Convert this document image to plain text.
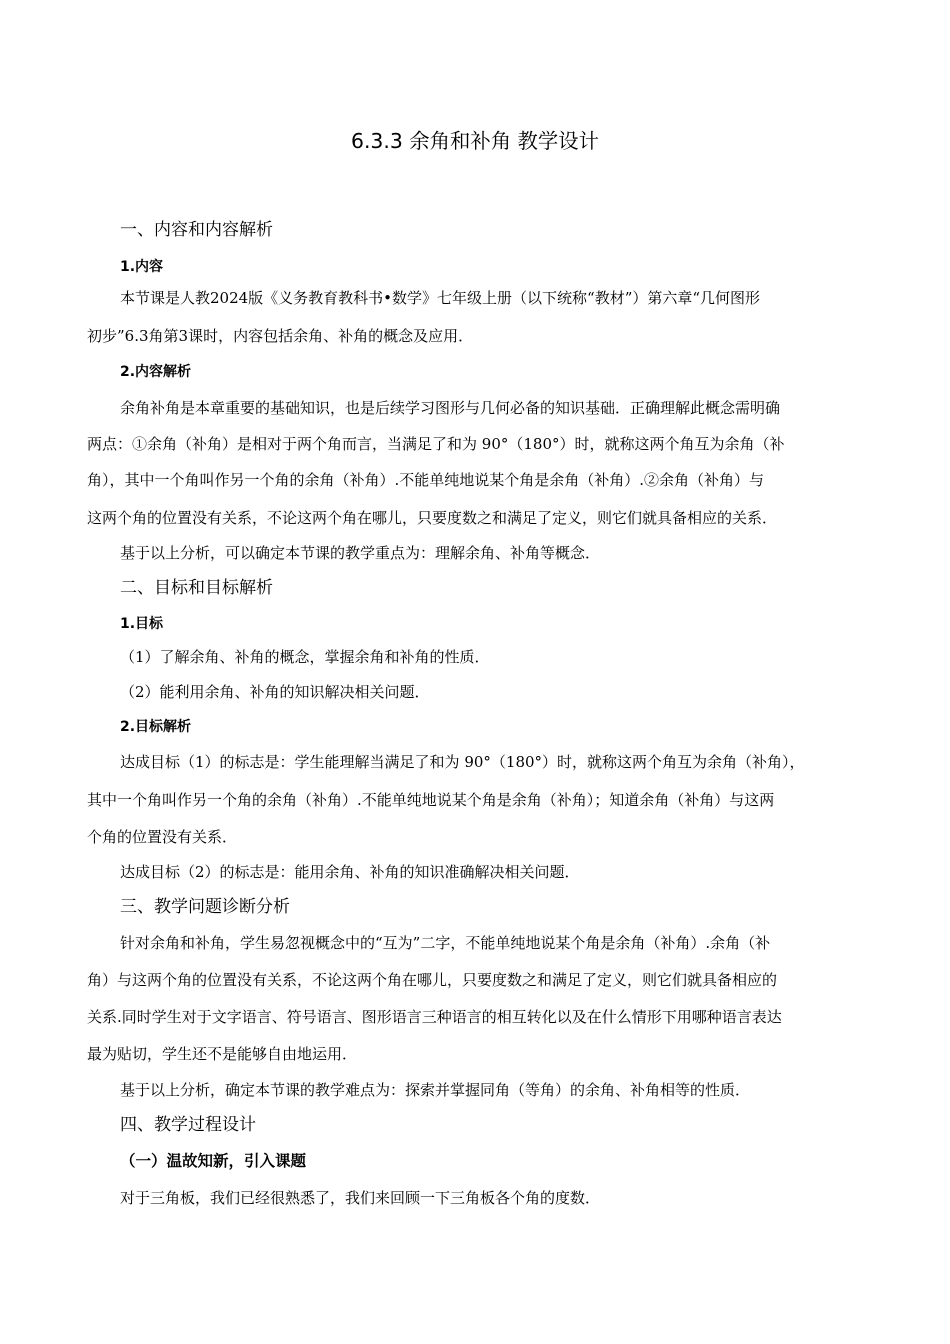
6.3.3 余角和补角 教学设计
一、内容和内容解析
1.内容
本节课是人教2024版《义务教育教科书•数学》七年级上册（以下统称“教材”）第六章“几何图形
初步”6.3角第3课时，内容包括余角、补角的概念及应用．
2.内容解析
余角补角是本章重要的基础知识，也是后续学习图形与几何必备的知识基础．正确理解此概念需明确
两点：①余角（补角）是相对于两个角而言，当满足了和为 90°（180°）时，就称这两个角互为余角（补
角），其中一个角叫作另一个角的余角（补角）.不能单纯地说某个角是余角（补角）.②余角（补角）与
这两个角的位置没有关系，不论这两个角在哪儿，只要度数之和满足了定义，则它们就具备相应的关系．
基于以上分析，可以确定本节课的教学重点为：理解余角、补角等概念．
二、目标和目标解析
1.目标
（1）了解余角、补角的概念，掌握余角和补角的性质．
（2）能利用余角、补角的知识解决相关问题．
2.目标解析
达成目标（1）的标志是：学生能理解当满足了和为 90°（180°）时，就称这两个角互为余角（补角），
其中一个角叫作另一个角的余角（补角）.不能单纯地说某个角是余角（补角）；知道余角（补角）与这两
个角的位置没有关系．
达成目标（2）的标志是：能用余角、补角的知识准确解决相关问题．
三、教学问题诊断分析
针对余角和补角，学生易忽视概念中的“互为”二字，不能单纯地说某个角是余角（补角）.余角（补
角）与这两个角的位置没有关系，不论这两个角在哪儿，只要度数之和满足了定义，则它们就具备相应的
关系.同时学生对于文字语言、符号语言、图形语言三种语言的相互转化以及在什么情形下用哪种语言表达
最为贴切，学生还不是能够自由地运用．
基于以上分析，确定本节课的教学难点为：探索并掌握同角（等角）的余角、补角相等的性质．
四、教学过程设计
（一）温故知新，引入课题
对于三角板，我们已经很熟悉了，我们来回顾一下三角板各个角的度数．
